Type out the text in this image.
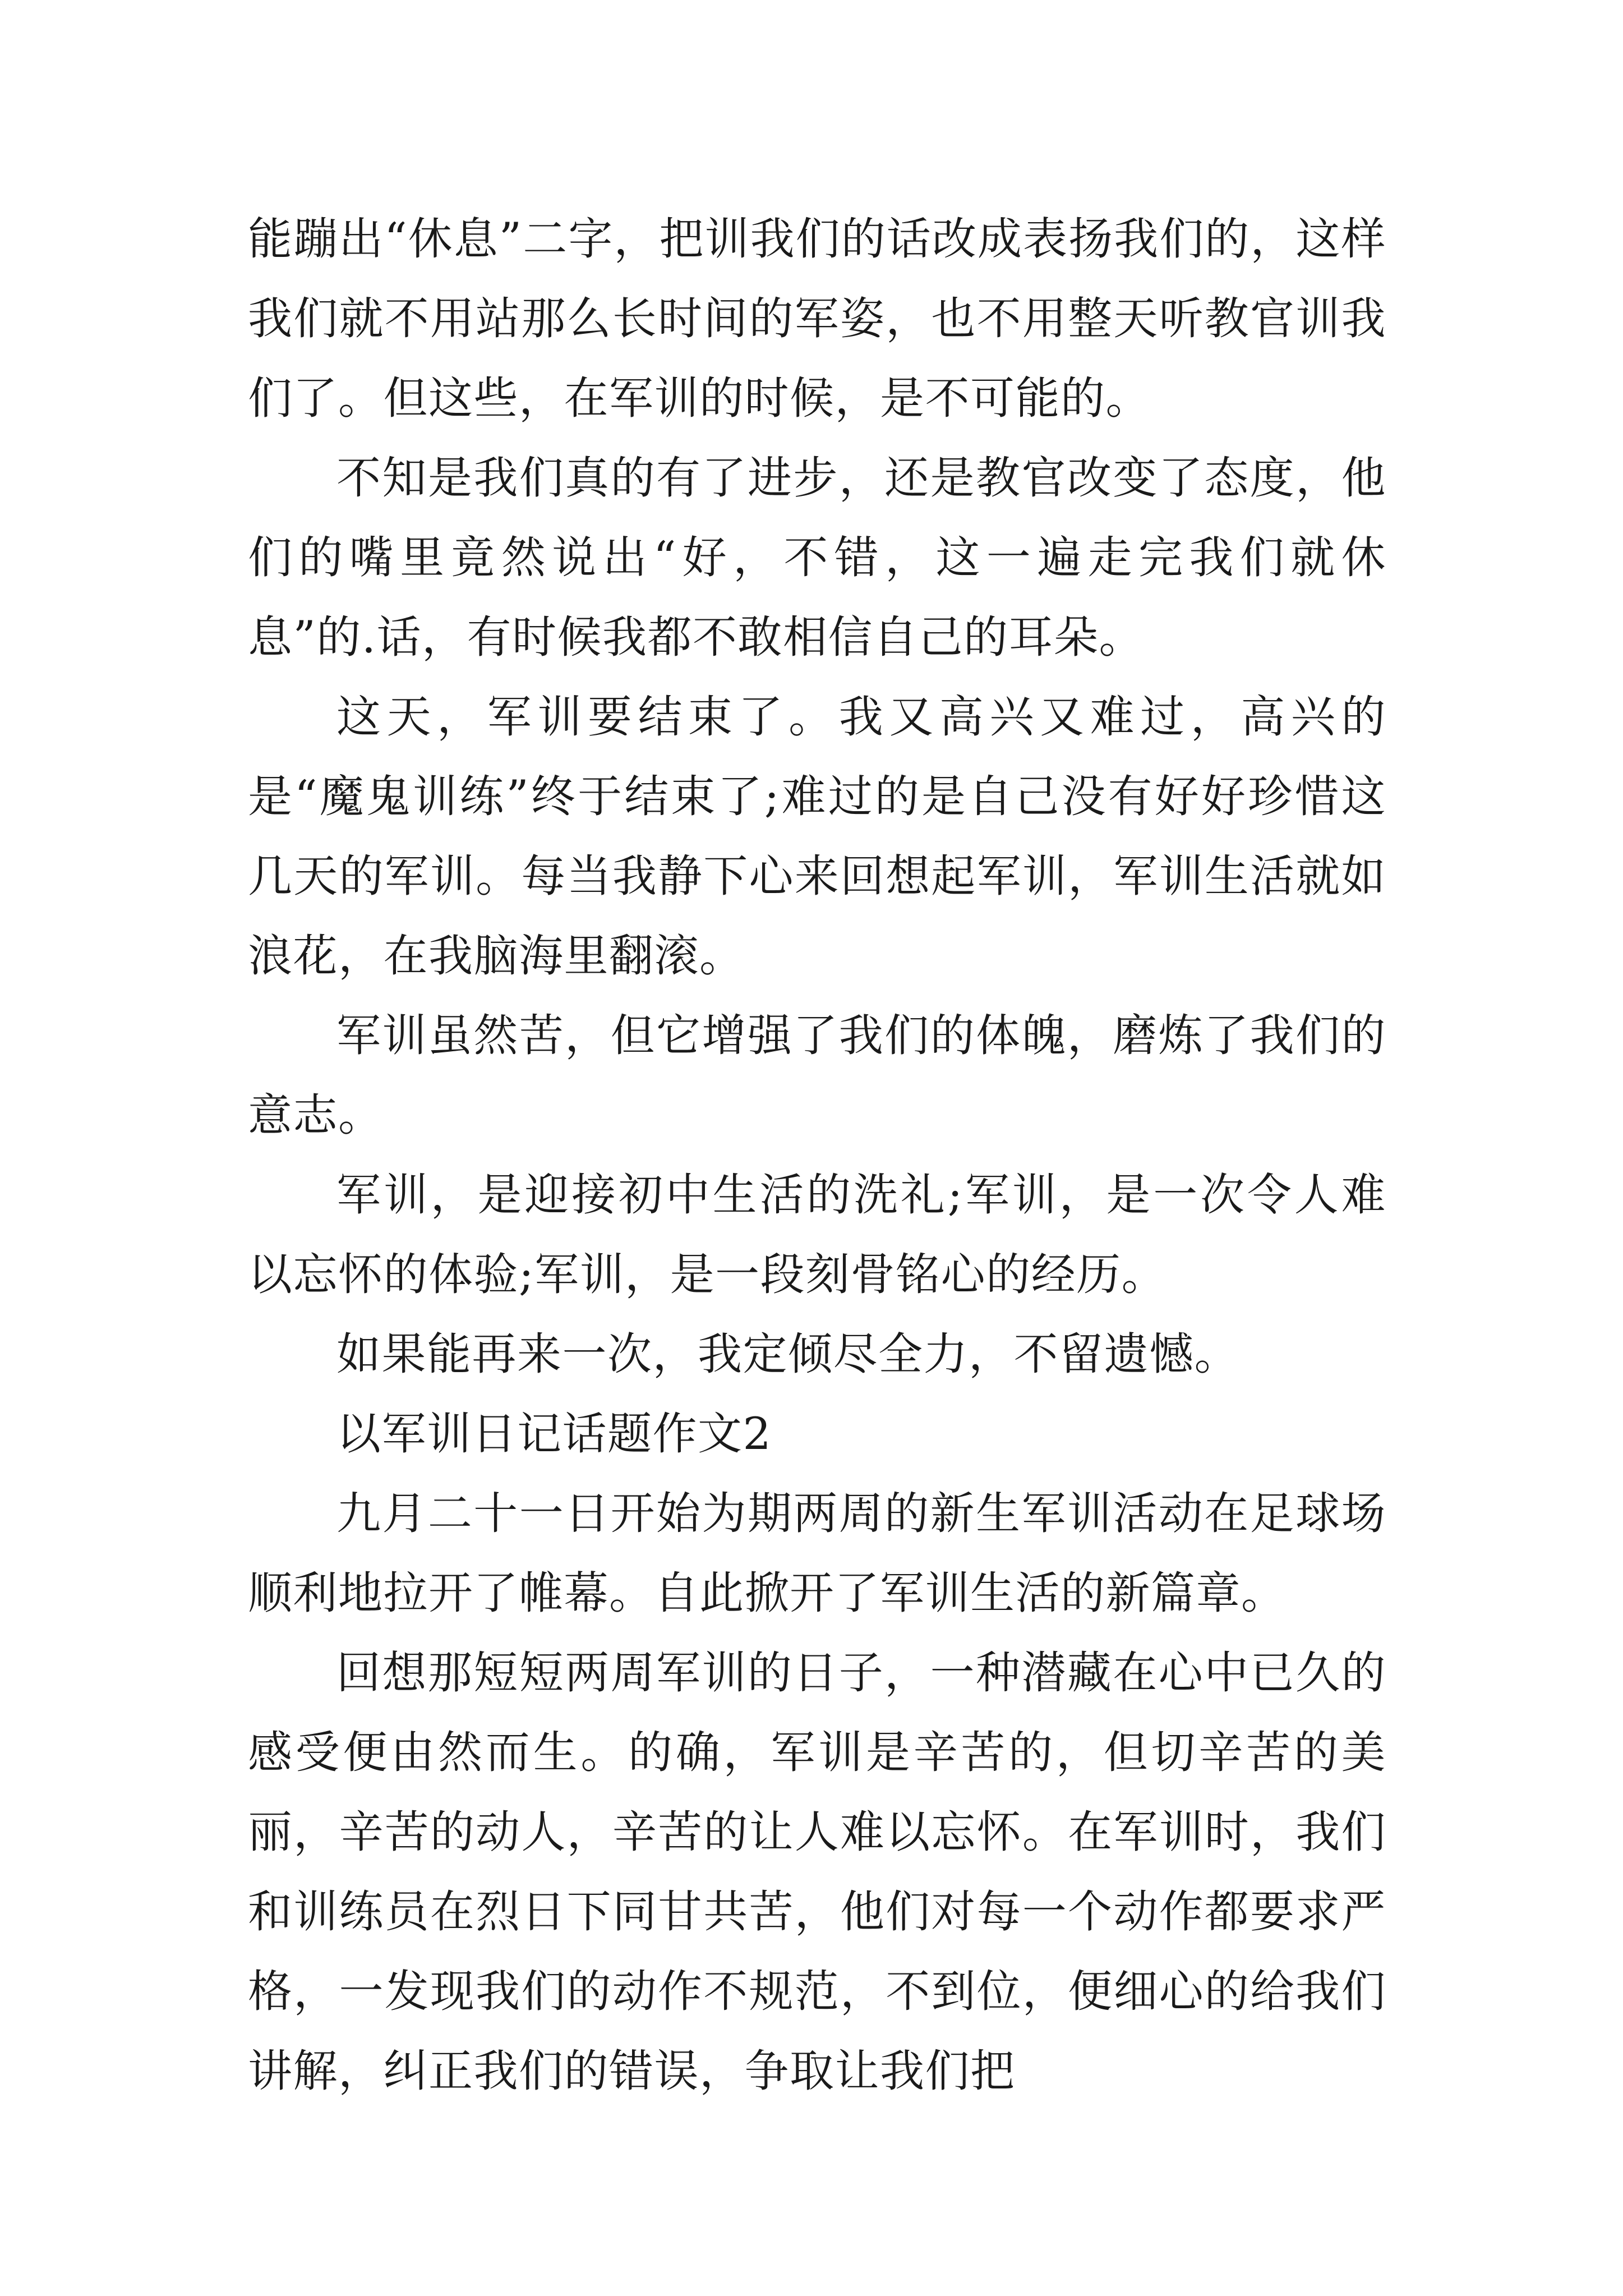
能蹦出“休息”二字，把训我们的话改成表扬我们的，这样我们就不用站那么长时间的军姿，也不用整天听教官训我们了。但这些，在军训的时候，是不可能的。

不知是我们真的有了进步，还是教官改变了态度，他们的嘴里竟然说出“好，不错，这一遍走完我们就休息”的.话，有时候我都不敢相信自己的耳朵。

这天，军训要结束了。我又高兴又难过，高兴的是“魔鬼训练”终于结束了;难过的是自己没有好好珍惜这几天的军训。每当我静下心来回想起军训，军训生活就如浪花，在我脑海里翻滚。

军训虽然苦，但它增强了我们的体魄，磨炼了我们的意志。

军训，是迎接初中生活的洗礼;军训，是一次令人难以忘怀的体验;军训，是一段刻骨铭心的经历。

如果能再来一次，我定倾尽全力，不留遗憾。

以军训日记话题作文2

九月二十一日开始为期两周的新生军训活动在足球场顺利地拉开了帷幕。自此掀开了军训生活的新篇章。

回想那短短两周军训的日子，一种潜藏在心中已久的感受便由然而生。的确，军训是辛苦的，但切辛苦的美丽，辛苦的动人，辛苦的让人难以忘怀。在军训时，我们和训练员在烈日下同甘共苦，他们对每一个动作都要求严格，一发现我们的动作不规范，不到位，便细心的给我们讲解，纠正我们的错误，争取让我们把
